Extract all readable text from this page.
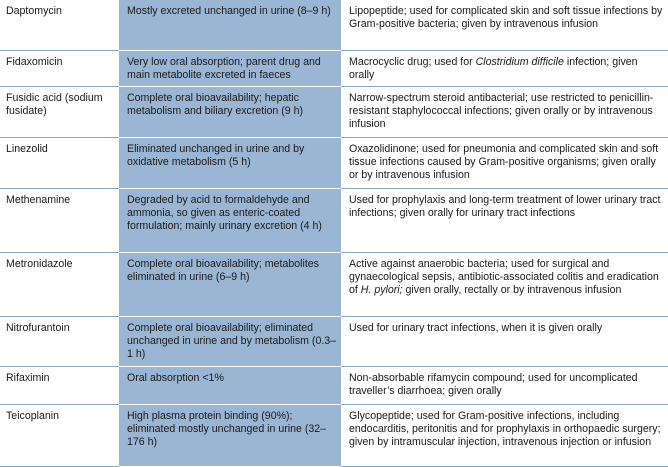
Daptomycin	Mostly excreted unchanged in urine (8–9 h)	Lipopeptide; used for complicated skin and soft tissue infections by Gram-positive bacteria; given by intravenous infusion
Fidaxomicin	Very low oral absorption; parent drug and main metabolite excreted in faeces	Macrocyclic drug; used for Clostridium difficile infection; given orally
Fusidic acid (sodium fusidate)	Complete oral bioavailability; hepatic metabolism and biliary excretion (9 h)	Narrow-spectrum steroid antibacterial; use restricted to penicillin-resistant staphylococcal infections; given orally or by intravenous infusion
Linezolid	Eliminated unchanged in urine and by oxidative metabolism (5 h)	Oxazolidinone; used for pneumonia and complicated skin and soft tissue infections caused by Gram-positive organisms; given orally or by intravenous infusion
Methenamine	Degraded by acid to formaldehyde and ammonia, so given as enteric-coated formulation; mainly urinary excretion (4 h)	Used for prophylaxis and long-term treatment of lower urinary tract infections; given orally for urinary tract infections
Metronidazole	Complete oral bioavailability; metabolites eliminated in urine (6–9 h)	Active against anaerobic bacteria; used for surgical and gynaecological sepsis, antibiotic-associated colitis and eradication of H. pylori; given orally, rectally or by intravenous infusion
Nitrofurantoin	Complete oral bioavailability; eliminated unchanged in urine and by metabolism (0.3–1 h)	Used for urinary tract infections, when it is given orally
Rifaximin	Oral absorption <1%	Non-absorbable rifamycin compound; used for uncomplicated traveller’s diarrhoea; given orally
Teicoplanin	High plasma protein binding (90%); eliminated mostly unchanged in urine (32–176 h)	Glycopeptide; used for Gram-positive infections, including endocarditis, peritonitis and for prophylaxis in orthopaedic surgery; given by intramuscular injection, intravenous injection or infusion
